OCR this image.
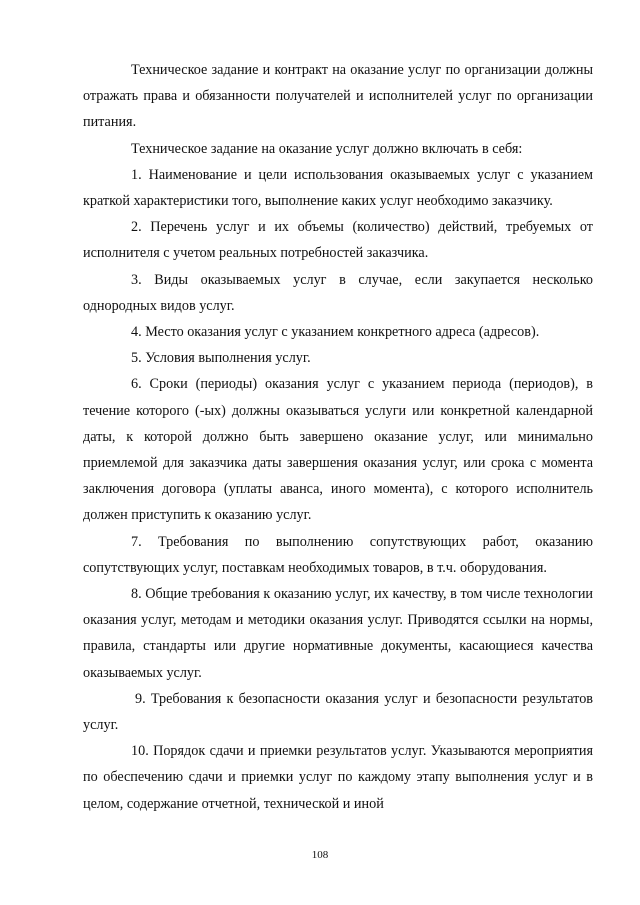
Техническое задание и контракт на оказание услуг по организации должны отражать права и обязанности получателей и исполнителей услуг по организации питания.

Техническое задание на оказание услуг должно включать в себя:

1. Наименование и цели использования оказываемых услуг с указанием краткой характеристики того, выполнение каких услуг необходимо заказчику.

2. Перечень услуг и их объемы (количество) действий, требуемых от исполнителя с учетом реальных потребностей заказчика.

3. Виды оказываемых услуг в случае, если закупается несколько однородных видов услуг.

4. Место оказания услуг с указанием конкретного адреса (адресов).

5. Условия выполнения услуг.

6. Сроки (периоды) оказания услуг с указанием периода (периодов), в течение которого (-ых) должны оказываться услуги или конкретной календарной даты, к которой должно быть завершено оказание услуг, или минимально приемлемой для заказчика даты завершения оказания услуг, или срока с момента заключения договора (уплаты аванса, иного момента), с которого исполнитель должен приступить к оказанию услуг.

7. Требования по выполнению сопутствующих работ, оказанию сопутствующих услуг, поставкам необходимых товаров, в т.ч. оборудования.

8. Общие требования к оказанию услуг, их качеству, в том числе технологии оказания услуг, методам и методики оказания услуг. Приводятся ссылки на нормы, правила, стандарты или другие нормативные документы, касающиеся качества оказываемых услуг.

9. Требования к безопасности оказания услуг и безопасности результатов услуг.

10. Порядок сдачи и приемки результатов услуг. Указываются мероприятия по обеспечению сдачи и приемки услуг по каждому этапу выполнения услуг и в целом, содержание отчетной, технической и иной

108
